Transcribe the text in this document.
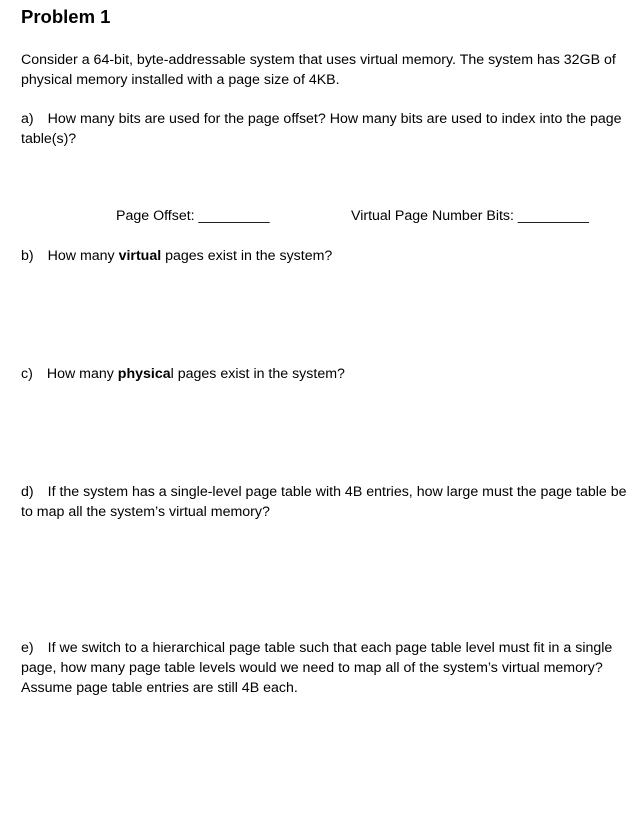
Problem 1
Consider a 64-bit, byte-addressable system that uses virtual memory. The system has 32GB of physical memory installed with a page size of 4KB.
a) How many bits are used for the page offset? How many bits are used to index into the page table(s)?
Page Offset: _________	Virtual Page Number Bits: _________
b) How many virtual pages exist in the system?
c) How many physical pages exist in the system?
d) If the system has a single-level page table with 4B entries, how large must the page table be to map all the system’s virtual memory?
e) If we switch to a hierarchical page table such that each page table level must fit in a single page, how many page table levels would we need to map all of the system’s virtual memory? Assume page table entries are still 4B each.
